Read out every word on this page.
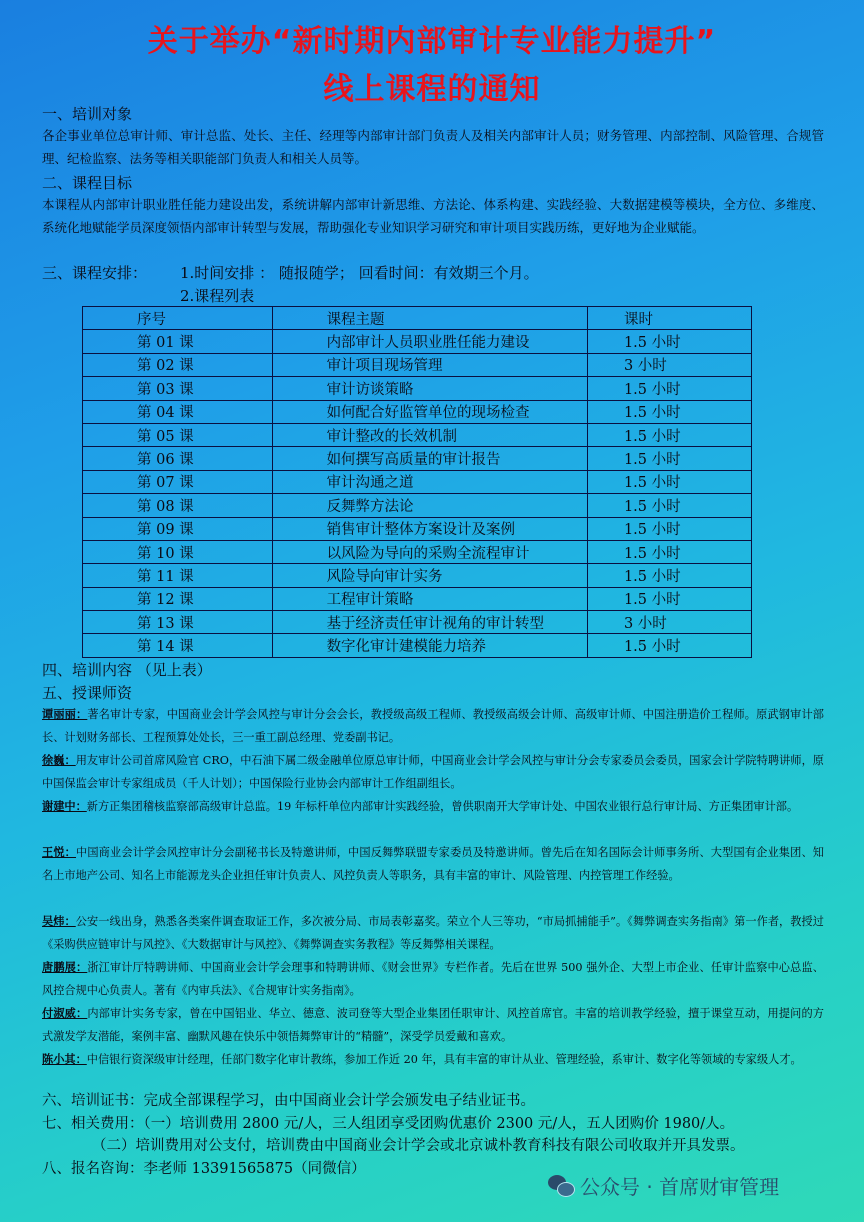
关于举办“新时期内部审计专业能力提升”
线上课程的通知
一、培训对象
各企事业单位总审计师、审计总监、处长、主任、经理等内部审计部门负责人及相关内部审计人员；财务管理、内部控制、风险管理、合规管理、纪检监察、法务等相关职能部门负责人和相关人员等。
二、课程目标
本课程从内部审计职业胜任能力建设出发，系统讲解内部审计新思维、方法论、体系构建、实践经验、大数据建模等模块，全方位、多维度、系统化地赋能学员深度领悟内部审计转型与发展，帮助强化专业知识学习研究和审计项目实践历练，更好地为企业赋能。
三、课程安排： 1.时间安排 ： 随报随学； 回看时间：有效期三个月。
2.课程列表
序号	课程主题	课时
第 01 课	内部审计人员职业胜任能力建设	1.5 小时
第 02 课	审计项目现场管理	3 小时
第 03 课	审计访谈策略	1.5 小时
第 04 课	如何配合好监管单位的现场检查	1.5 小时
第 05 课	审计整改的长效机制	1.5 小时
第 06 课	如何撰写高质量的审计报告	1.5 小时
第 07 课	审计沟通之道	1.5 小时
第 08 课	反舞弊方法论	1.5 小时
第 09 课	销售审计整体方案设计及案例	1.5 小时
第 10 课	以风险为导向的采购全流程审计	1.5 小时
第 11 课	风险导向审计实务	1.5 小时
第 12 课	工程审计策略	1.5 小时
第 13 课	基于经济责任审计视角的审计转型	3 小时
第 14 课	数字化审计建模能力培养	1.5 小时
四、培训内容 （见上表）
五、授课师资
谭丽丽：著名审计专家，中国商业会计学会风控与审计分会会长，教授级高级工程师、教授级高级会计师、高级审计师、中国注册造价工程师。原武钢审计部长、计划财务部长、工程预算处处长，三一重工副总经理、党委副书记。
徐巍：用友审计公司首席风险官 CRO，中石油下属二级金融单位原总审计师，中国商业会计学会风控与审计分会专家委员会委员，国家会计学院特聘讲师，原中国保监会审计专家组成员（千人计划）；中国保险行业协会内部审计工作组副组长。
谢建中：新方正集团稽核监察部高级审计总监。19 年标杆单位内部审计实践经验，曾供职南开大学审计处、中国农业银行总行审计局、方正集团审计部。
王悦：中国商业会计学会风控审计分会副秘书长及特邀讲师，中国反舞弊联盟专家委员及特邀讲师。曾先后在知名国际会计师事务所、大型国有企业集团、知名上市地产公司、知名上市能源龙头企业担任审计负责人、风控负责人等职务，具有丰富的审计、风险管理、内控管理工作经验。
吴炜：公安一线出身，熟悉各类案件调查取证工作，多次被分局、市局表彰嘉奖。荣立个人三等功，“市局抓捕能手”。《舞弊调查实务指南》第一作者，教授过《采购供应链审计与风控》、《大数据审计与风控》、《舞弊调查实务教程》等反舞弊相关课程。
唐鹏展：浙江审计厅特聘讲师、中国商业会计学会理事和特聘讲师、《财会世界》专栏作者。先后在世界 500 强外企、大型上市企业、任审计监察中心总监、风控合规中心负责人。著有《内审兵法》、《合规审计实务指南》。
付淑威：内部审计实务专家，曾在中国铝业、华立、德意、波司登等大型企业集团任职审计、风控首席官。丰富的培训教学经验，擅于课堂互动，用提问的方式激发学友潜能，案例丰富、幽默风趣在快乐中领悟舞弊审计的“精髓”，深受学员爱戴和喜欢。
陈小其：中信银行资深级审计经理，任部门数字化审计教练，参加工作近 20 年，具有丰富的审计从业、管理经验，系审计、数字化等领域的专家级人才。
六、培训证书：完成全部课程学习，由中国商业会计学会颁发电子结业证书。
七、相关费用：（一）培训费用 2800 元/人，三人组团享受团购优惠价 2300 元/人，五人团购价 1980/人。
（二）培训费用对公支付，培训费由中国商业会计学会或北京诚朴教育科技有限公司收取并开具发票。
八、报名咨询：李老师 13391565875（同微信）
公众号 · 首席财审管理
